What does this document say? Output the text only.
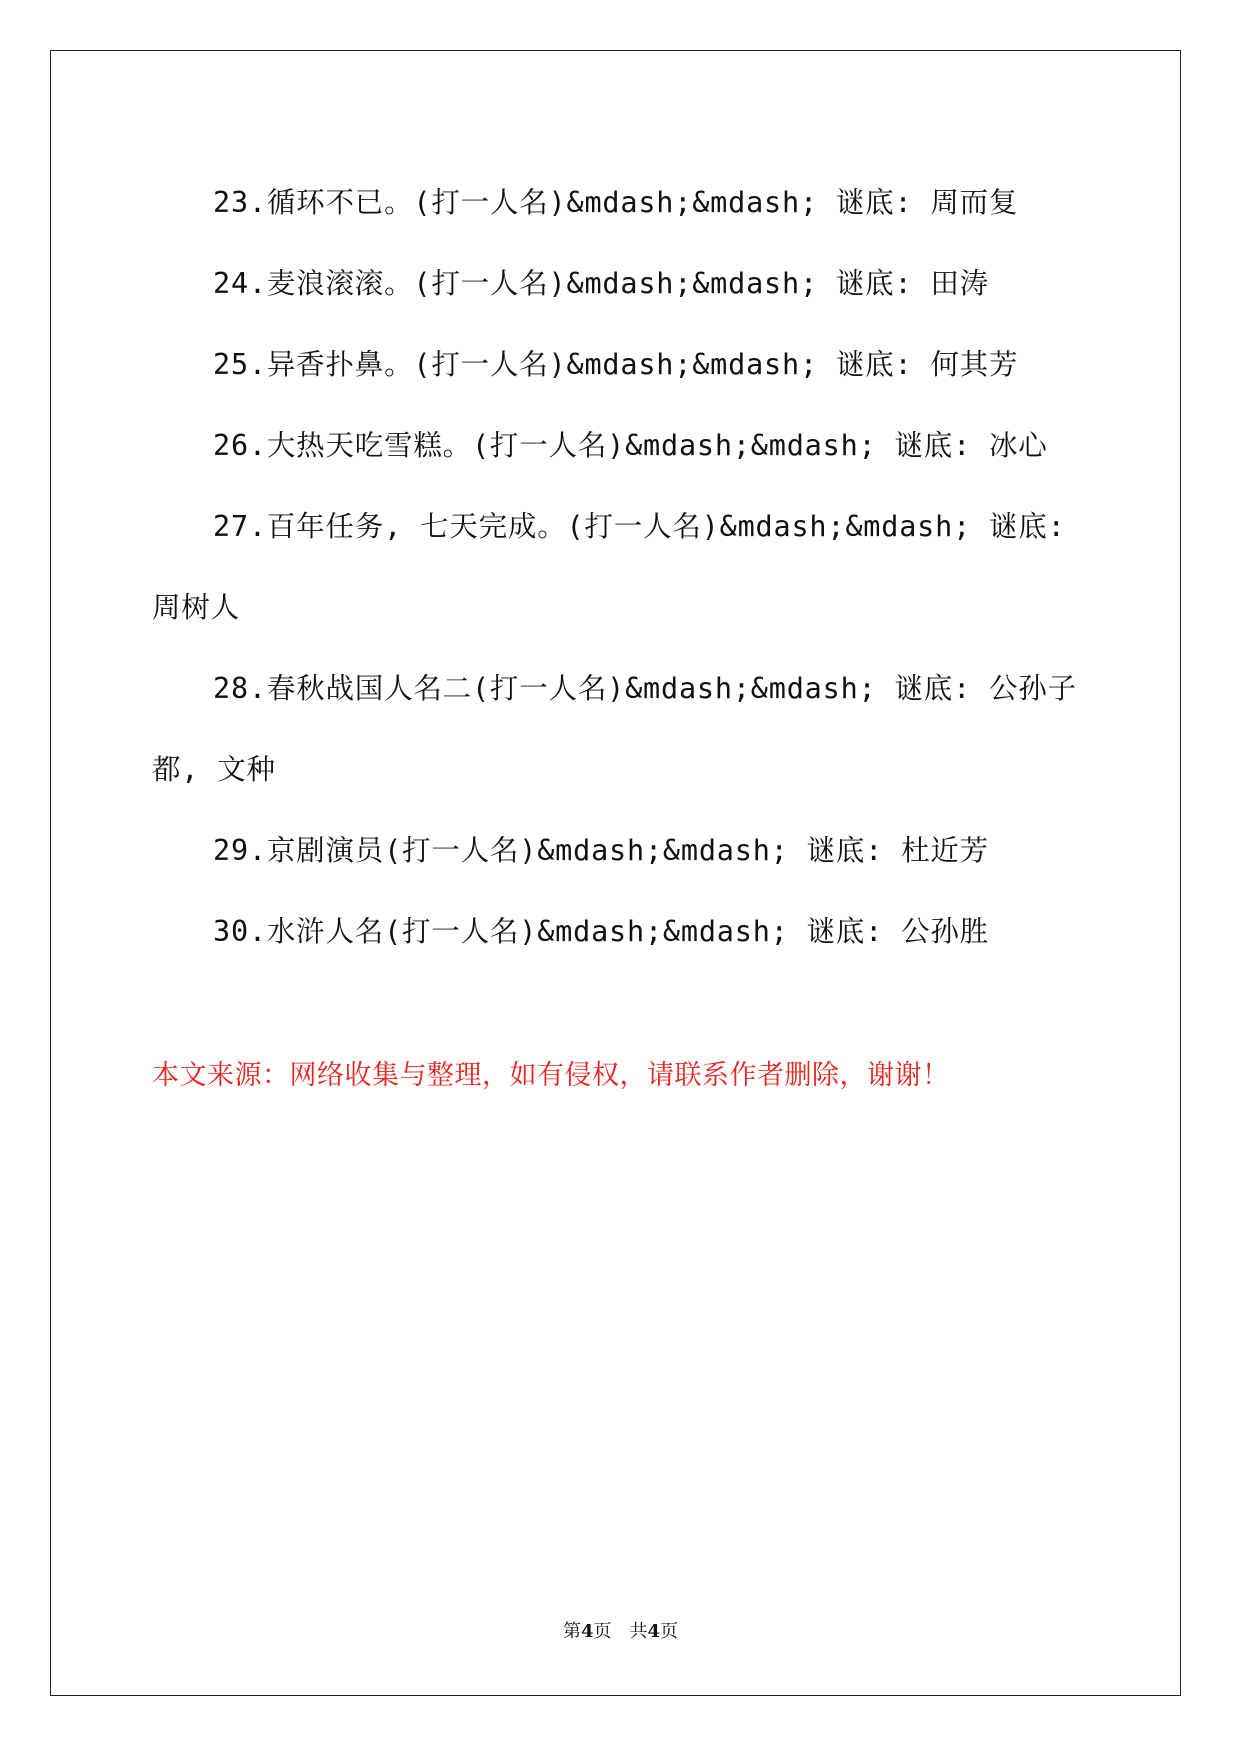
23.循环不已。(打一人名)&mdash;&mdash; 谜底: 周而复

24.麦浪滚滚。(打一人名)&mdash;&mdash; 谜底: 田涛

25.异香扑鼻。(打一人名)&mdash;&mdash; 谜底: 何其芳

26.大热天吃雪糕。(打一人名)&mdash;&mdash; 谜底: 冰心

27.百年任务, 七天完成。(打一人名)&mdash;&mdash; 谜底: 周树人

28.春秋战国人名二(打一人名)&mdash;&mdash; 谜底: 公孙子都, 文种

29.京剧演员(打一人名)&mdash;&mdash; 谜底: 杜近芳

30.水浒人名(打一人名)&mdash;&mdash; 谜底: 公孙胜

本文来源：网络收集与整理，如有侵权，请联系作者删除，谢谢！
第4页 共4页
